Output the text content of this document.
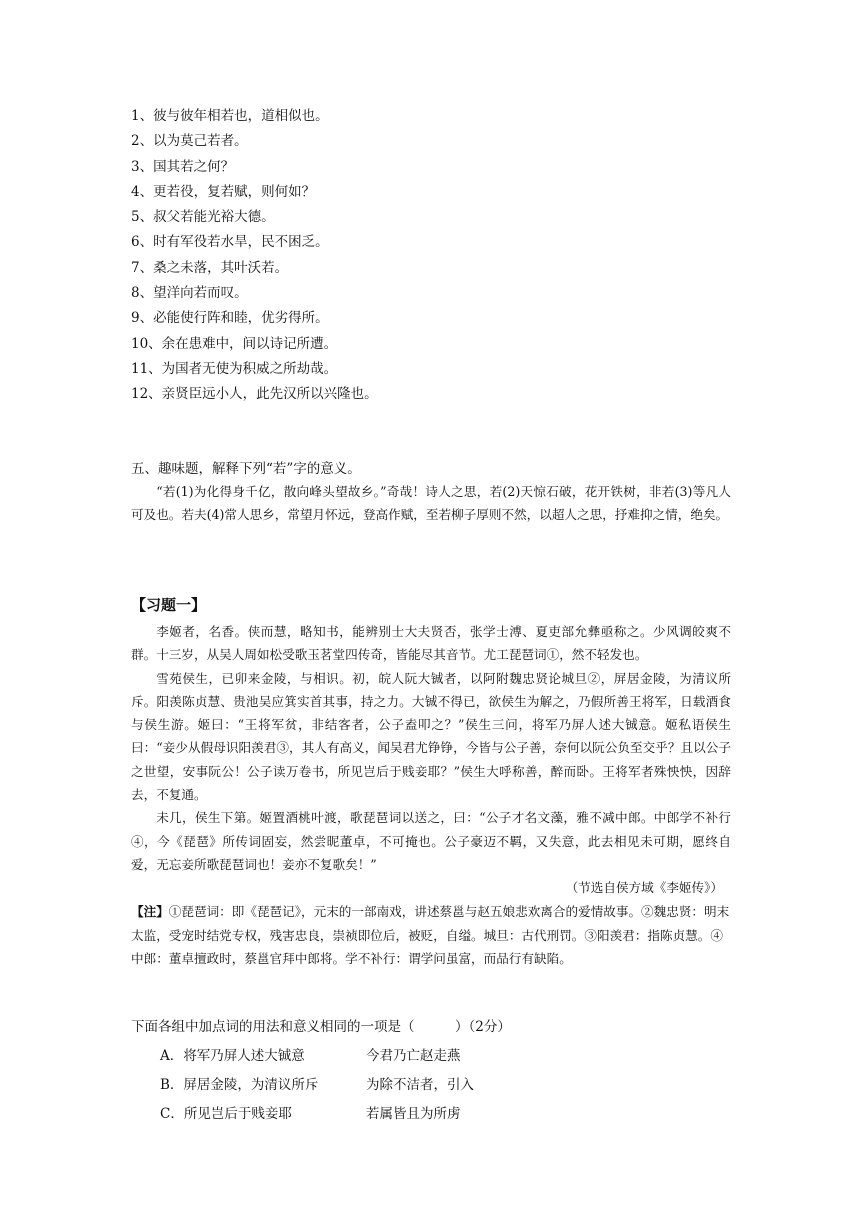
1、彼与彼年相若也，道相似也。
2、以为莫己若者。
3、国其若之何？
4、更若役，复若赋，则何如？
5、叔父若能光裕大德。
6、时有军役若水旱，民不困乏。
7、桑之未落，其叶沃若。
8、望洋向若而叹。
9、必能使行阵和睦，优劣得所。
10、余在患难中，间以诗记所遭。
11、为国者无使为积威之所劫哉。
12、亲贤臣远小人，此先汉所以兴隆也。
五、趣味题，解释下列“若”字的意义。

“若(1)为化得身千亿，散向峰头望故乡。”奇哉！诗人之思，若(2)天惊石破，花开铁树，非若(3)等凡人可及也。若夫(4)常人思乡，常望月怀远，登高作赋，至若柳子厚则不然，以超人之思，抒难抑之情，绝矣。

【习题一】

李姬者，名香。侠而慧，略知书，能辨别士大夫贤否，张学士溥、夏吏部允彝亟称之。少风调皎爽不群。十三岁，从吴人周如松受歌玉茗堂四传奇，皆能尽其音节。尤工琵琶词①，然不轻发也。

雪苑侯生，已卯来金陵，与相识。初，皖人阮大铖者，以阿附魏忠贤论城旦②，屏居金陵，为清议所斥。阳羡陈贞慧、贵池吴应箕实首其事，持之力。大铖不得已，欲侯生为解之，乃假所善王将军，日载酒食与侯生游。姬曰：“王将军贫，非结客者，公子盍叩之？”侯生三问，将军乃屏人述大铖意。姬私语侯生曰：“妾少从假母识阳羡君③，其人有高义，闻吴君尤铮铮，今皆与公子善，奈何以阮公负至交乎？且以公子之世望，安事阮公！公子读万卷书，所见岂后于贱妾耶？”侯生大呼称善，醉而卧。王将军者殊怏怏，因辞去，不复通。

未几，侯生下第。姬置酒桃叶渡，歌琵琶词以送之，曰：“公子才名文藻，雅不减中郎。中郎学不补行④，今《琵琶》所传词固妄，然尝昵董卓，不可掩也。公子豪迈不羁，又失意，此去相见未可期，愿终自爱，无忘妾所歌琵琶词也！妾亦不复歌矣！”

（节选自侯方域《李姬传》）

【注】①琵琶词：即《琵琶记》，元末的一部南戏，讲述蔡邕与赵五娘悲欢离合的爱情故事。②魏忠贤：明末太监，受宠时结党专权，残害忠良，崇祯即位后，被贬，自缢。城旦：古代刑罚。③阳羡君：指陈贞慧。④中郎：董卓擅政时，蔡邕官拜中郎将。学不补行：谓学问虽富，而品行有缺陷。

下面各组中加点词的用法和意义相同的一项是（　　　）（2分）
A．将军乃屏人述大铖意	今君乃亡赵走燕
B．屏居金陵，为清议所斥	为除不洁者，引入
C．所见岂后于贱妾耶	若属皆且为所虏
